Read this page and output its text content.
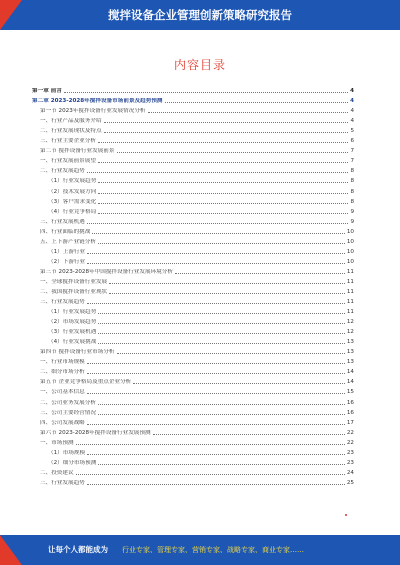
搅拌设备企业管理创新策略研究报告
内容目录
第一章 前言	4
第二章 2023-2028年搅拌设备市场前景及趋势预测	4
第一节 2023年搅拌设备行业发展情况分析	4
一、行业产品及服务介绍	4
二、行业发展现状及特点	5
三、行业主要企业分析	6
第二节 搅拌设备行业发展前景	7
一、行业发展前景展望	7
二、行业发展趋势	8
（1）行业发展趋势	8
（2）技术发展方向	8
（3）客户需求变化	8
（4）行业竞争格局	9
三、行业发展机遇	9
四、行业面临的挑战	10
五、上下游产业链分析	10
（1）上游行业	10
（2）下游行业	10
第三节 2023-2028年中国搅拌设备行业发展环境分析	11
一、全球搅拌设备行业发展	11
二、我国搅拌设备行业现状	11
三、行业发展趋势	11
（1）行业发展趋势	11
（2）市场发展趋势	12
（3）行业发展机遇	12
（4）行业发展挑战	13
第四节 搅拌设备行业市场分析	13
一、行业市场规模	13
二、细分市场分析	14
第五节 企业竞争格局及重点企业分析	14
一、公司基本信息	15
二、公司业务发展分析	16
三、公司主要经营情况	16
四、公司发展战略	17
第六节 2023-2028年搅拌设备行业发展预测	22
一、市场预测	22
（1）市场规模	23
（2）细分市场预测	23
二、投资建议	24
三、行业发展趋势	25
让每个人都能成为 行业专家、管理专家、营销专家、战略专家、商业专家……
